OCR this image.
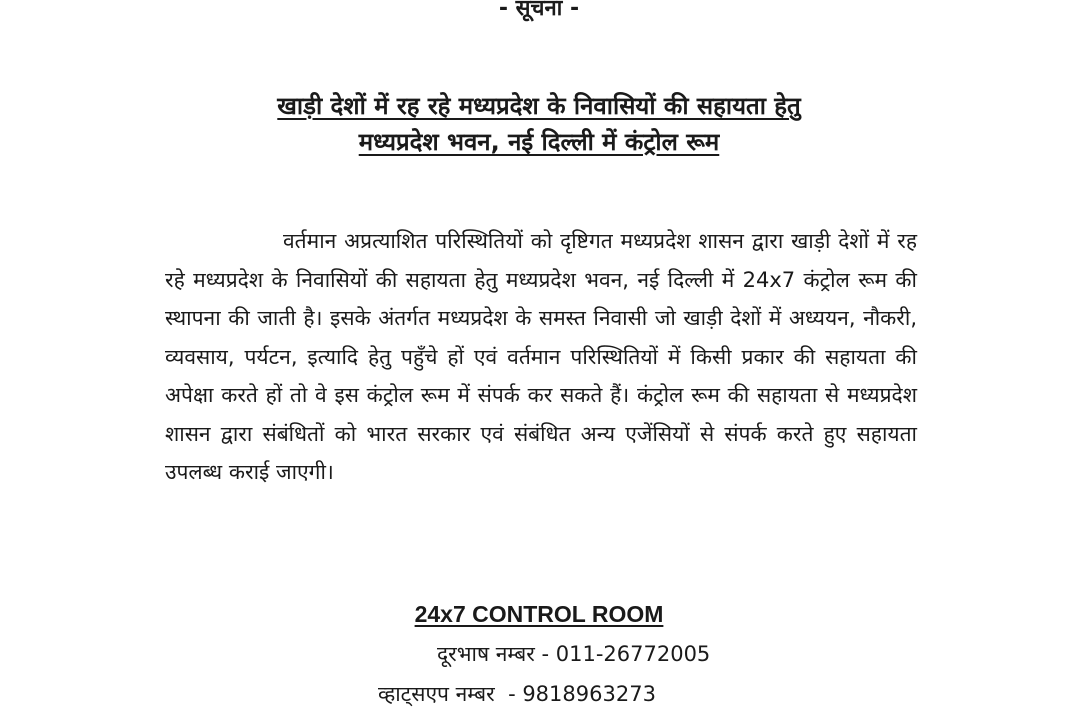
- सूचना -
खाड़ी देशों में रह रहे मध्यप्रदेश के निवासियों की सहायता हेतु
मध्यप्रदेश भवन, नई दिल्ली में कंट्रोल रूम

वर्तमान अप्रत्याशित परिस्थितियों को दृष्टिगत मध्यप्रदेश शासन द्वारा खाड़ी देशों में रह रहे मध्यप्रदेश के निवासियों की सहायता हेतु मध्यप्रदेश भवन, नई दिल्ली में 24x7 कंट्रोल रूम की स्थापना की जाती है। इसके अंतर्गत मध्यप्रदेश के समस्त निवासी जो खाड़ी देशों में अध्ययन, नौकरी, व्यवसाय, पर्यटन, इत्यादि हेतु पहुँचे हों एवं वर्तमान परिस्थितियों में किसी प्रकार की सहायता की अपेक्षा करते हों तो वे इस कंट्रोल रूम में संपर्क कर सकते हैं। कंट्रोल रूम की सहायता से मध्यप्रदेश शासन द्वारा संबंधितों को भारत सरकार एवं संबंधित अन्य एजेंसियों से संपर्क करते हुए सहायता उपलब्ध कराई जाएगी।

24x7 CONTROL ROOM
दूरभाष नम्बर - 011-26772005
व्हाट्सएप नम्बर  - 9818963273
